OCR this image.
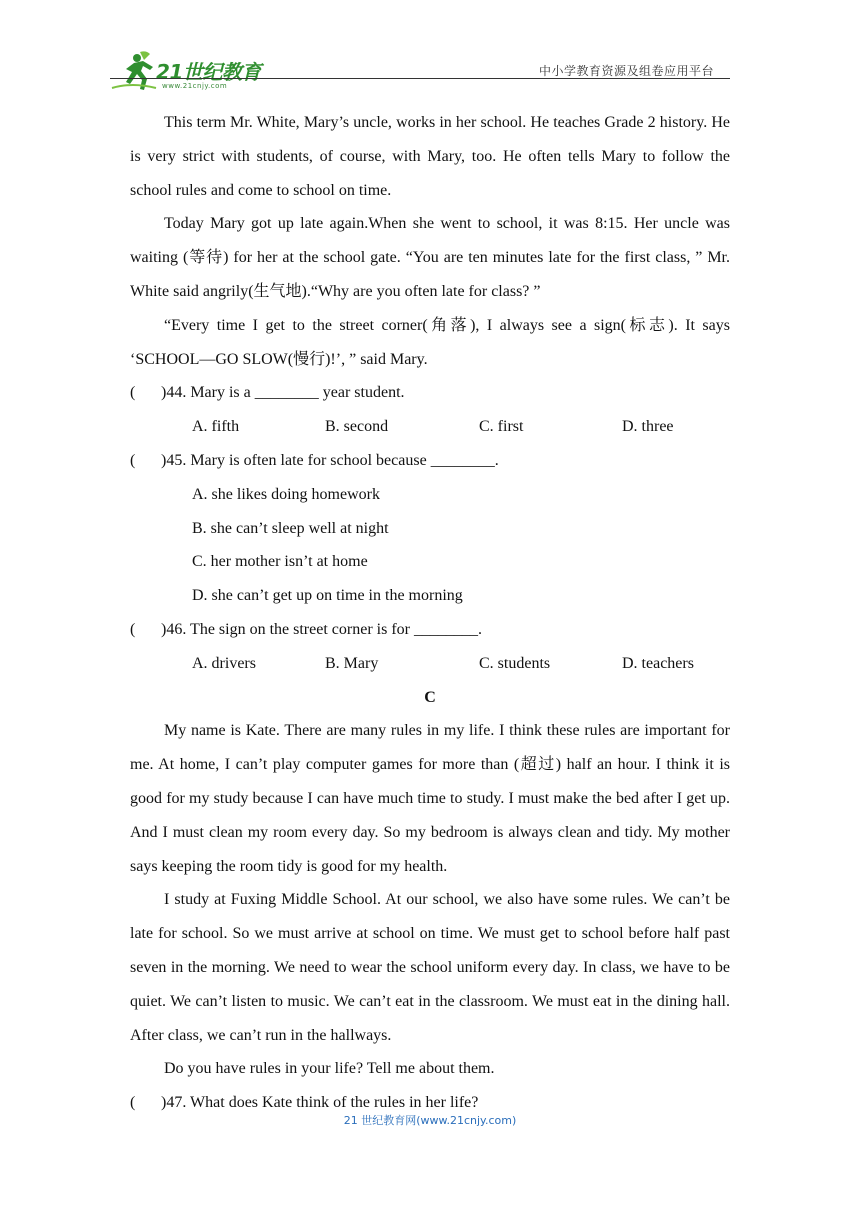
21世纪教育
www.21cnjy.com
中小学教育资源及组卷应用平台

This term Mr. White, Mary’s uncle, works in her school. He teaches Grade 2 history. He is very strict with students, of course, with Mary, too. He often tells Mary to follow the school rules and come to school on time.

Today Mary got up late again.When she went to school, it was 8:15. Her uncle was waiting (等待) for her at the school gate. “You are ten minutes late for the first class, ” Mr. White said angrily(生气地).“Why are you often late for class? ”

“Every time I get to the street corner(角落), I always see a sign(标志). It says ‘SCHOOL—GO SLOW(慢行)!’, ” said Mary.

( )44. Mary is a ________ year student.

A. fifth	B. second	C. first	D. three

( )45. Mary is often late for school because ________.

A. she likes doing homework

B. she can’t sleep well at night

C. her mother isn’t at home

D. she can’t get up on time in the morning

( )46. The sign on the street corner is for ________.

A. drivers	B. Mary	C. students	D. teachers

C

My name is Kate. There are many rules in my life. I think these rules are important for me. At home, I can’t play computer games for more than (超过) half an hour. I think it is good for my study because I can have much time to study. I must make the bed after I get up. And I must clean my room every day. So my bedroom is always clean and tidy. My mother says keeping the room tidy is good for my health.

I study at Fuxing Middle School. At our school, we also have some rules. We can’t be late for school. So we must arrive at school on time. We must get to school before half past seven in the morning. We need to wear the school uniform every day. In class, we have to be quiet. We can’t listen to music. We can’t eat in the classroom. We must eat in the dining hall. After class, we can’t run in the hallways.

Do you have rules in your life? Tell me about them.

( )47. What does Kate think of the rules in her life?

21 世纪教育网(www.21cnjy.com)
